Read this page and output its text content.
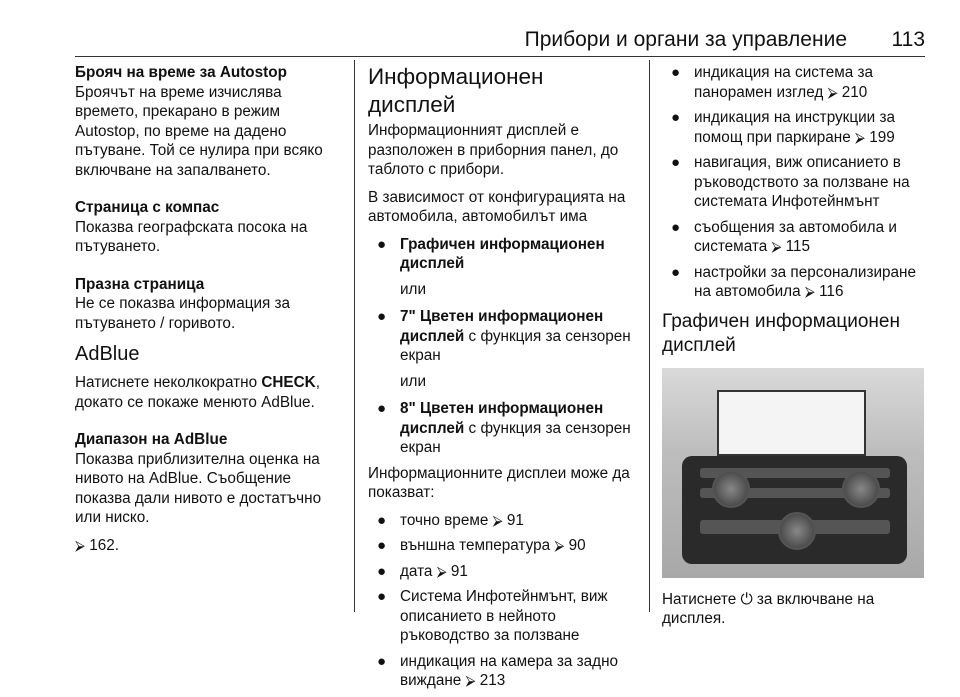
Прибори и органи за управление 113
Брояч на време за Autostop

Броячът на време изчислява времето, прекарано в режим Autostop, по време на дадено пътуване. Той се нулира при всяко включване на запалването.

Страница с компас

Показва географската посока на пътуването.

Празна страница

Не се показва информация за пътуването / горивото.

AdBlue

Натиснете неколкократно CHECK, докато се покаже менюто AdBlue.

Диапазон на AdBlue

Показва приблизителна оценка на нивото на AdBlue. Съобщение показва дали нивото е достатъчно или ниско.

⮚ 162.

Информационен дисплей

Информационният дисплей е разположен в приборния панел, до таблото с прибори.

В зависимост от конфигурацията на автомобила, автомобилът има

● Графичен информационен дисплей
или
● 7" Цветен информационен дисплей с функция за сензорен екран
или
● 8" Цветен информационен дисплей с функция за сензорен екран

Информационните дисплеи може да показват:

● точно време ⮚ 91
● външна температура ⮚ 90
● дата ⮚ 91
● Система Инфотейнмънт, виж описанието в нейното ръководство за ползване
● индикация на камера за задно виждане ⮚ 213
● индикация на система за панорамен изглед ⮚ 210
● индикация на инструкции за помощ при паркиране ⮚ 199
● навигация, виж описанието в ръководството за ползване на системата Инфотейнмънт
● съобщения за автомобила и системата ⮚ 115
● настройки за персонализиране на автомобила ⮚ 116
Графичен информационен дисплей

Натиснете ⏻ за включване на дисплея.
